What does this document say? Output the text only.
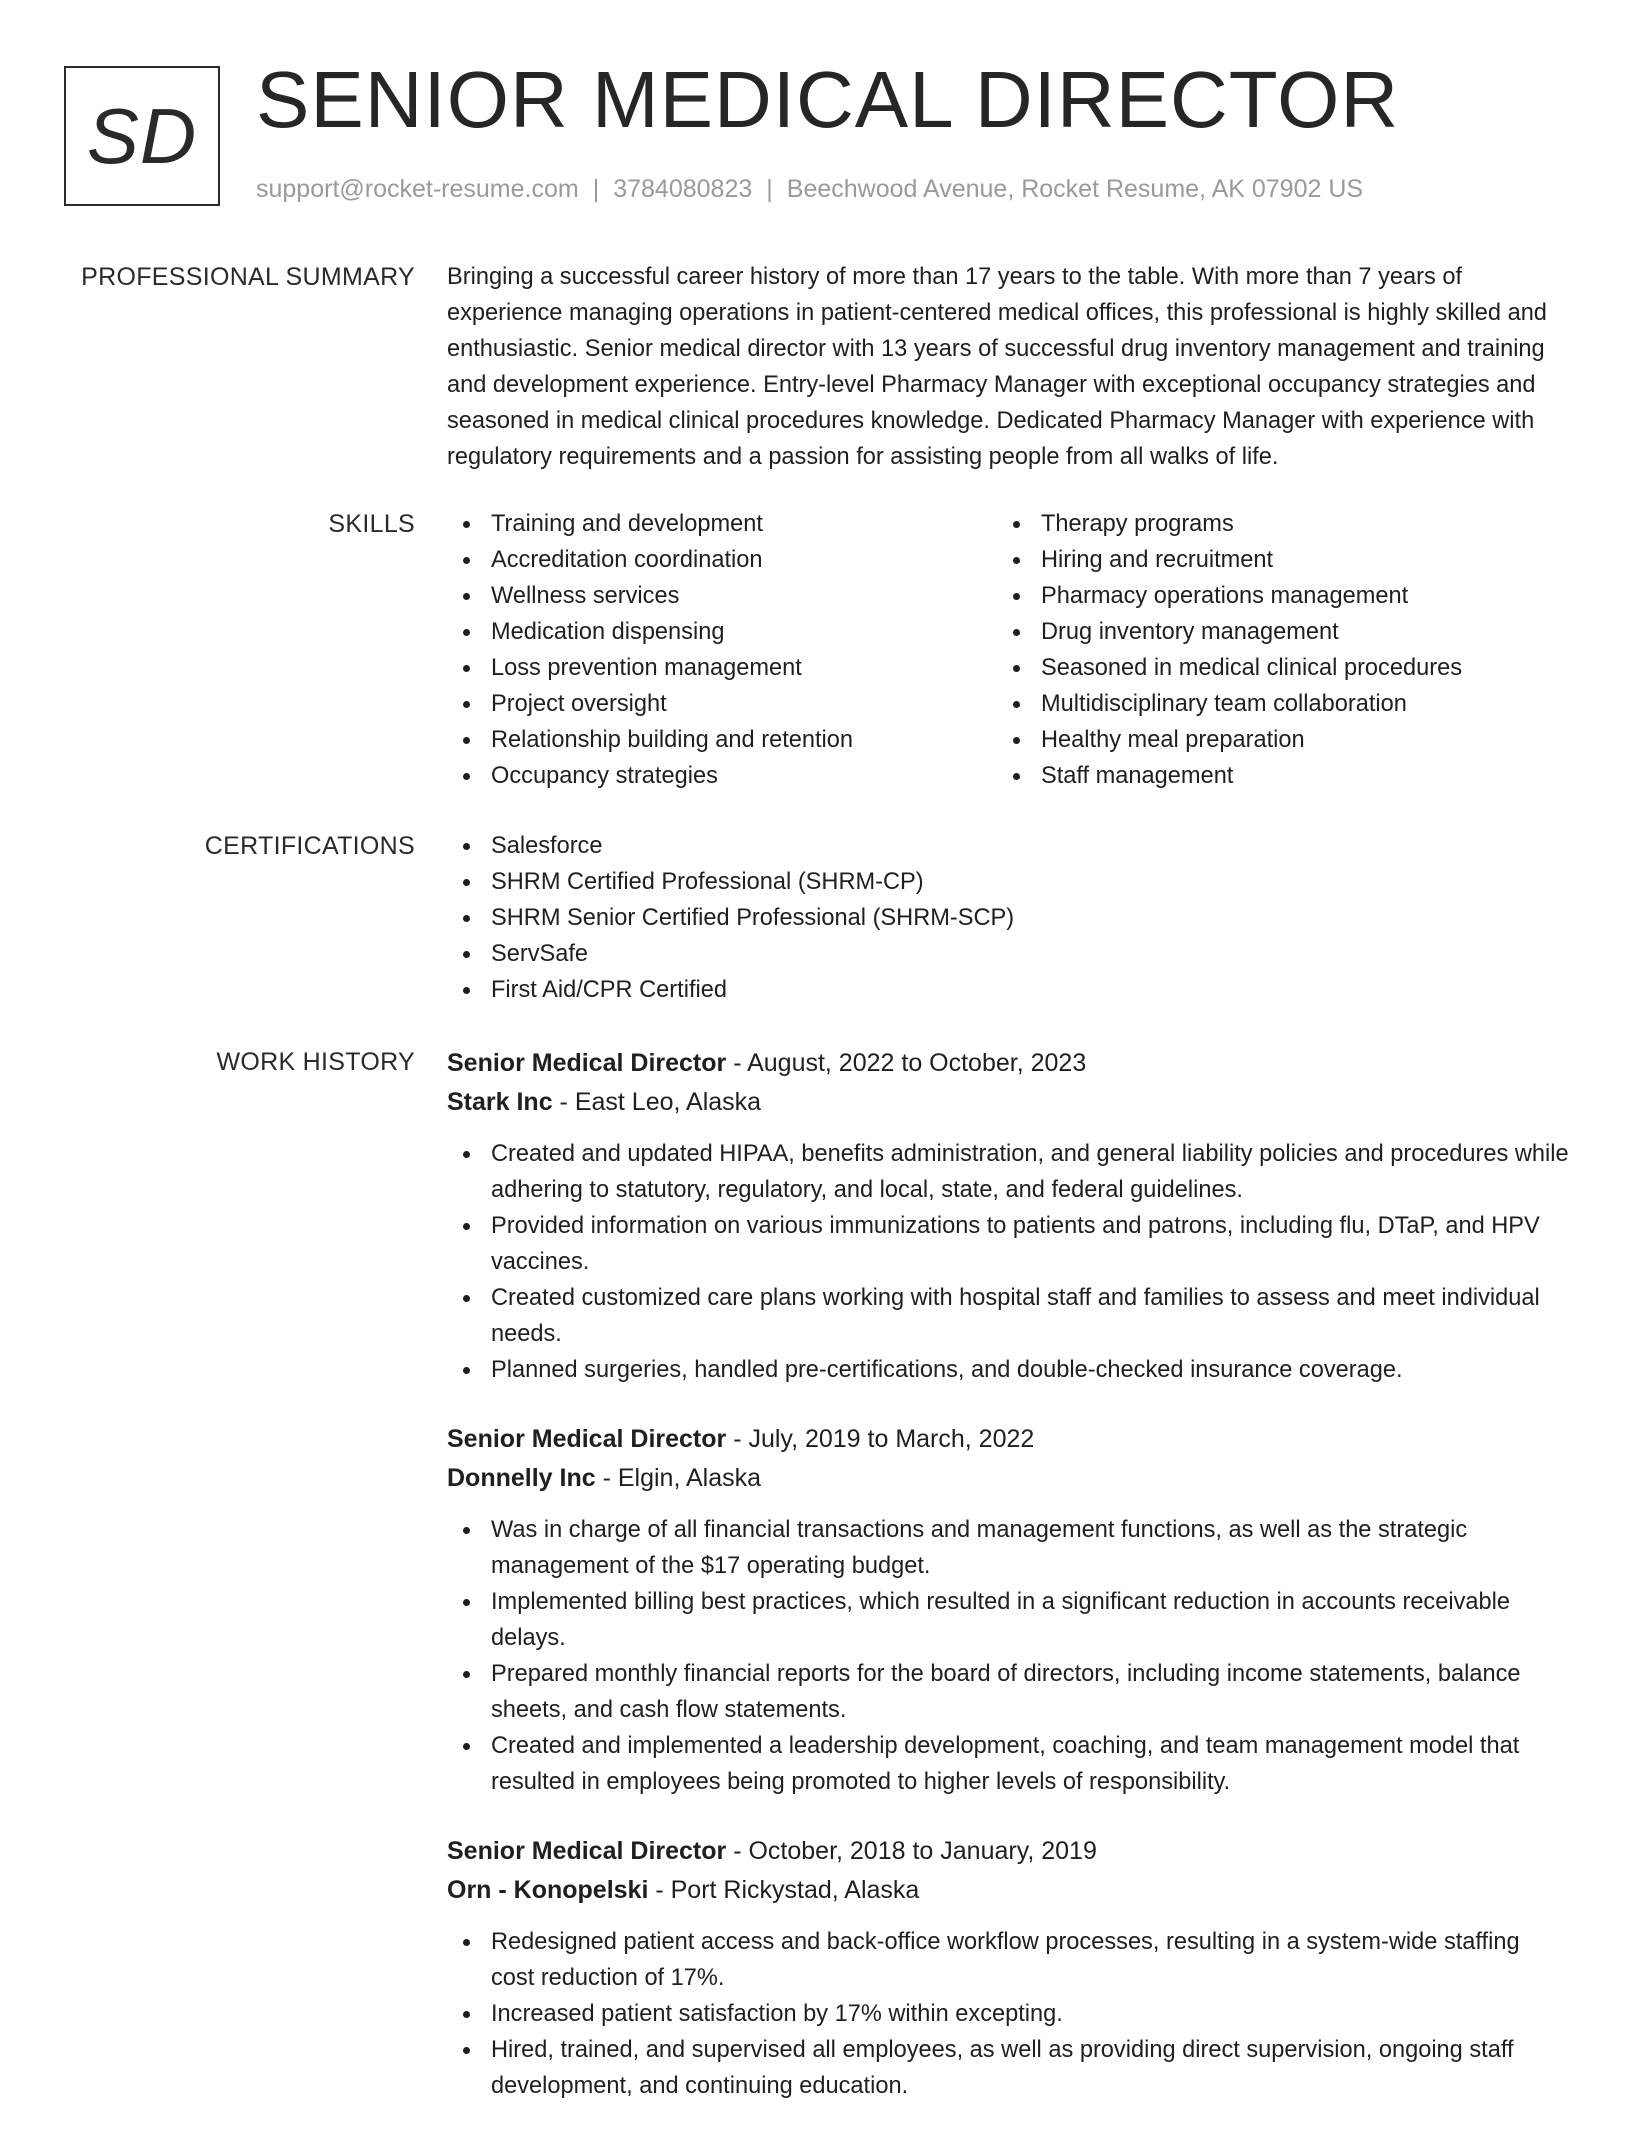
SD SENIOR MEDICAL DIRECTOR
support@rocket-resume.com | 3784080823 | Beechwood Avenue, Rocket Resume, AK 07902 US
PROFESSIONAL SUMMARY Bringing a successful career history of more than 17 years to the table. With more than 7 years of experience managing operations in patient-centered medical offices, this professional is highly skilled and enthusiastic. Senior medical director with 13 years of successful drug inventory management and training and development experience. Entry-level Pharmacy Manager with exceptional occupancy strategies and seasoned in medical clinical procedures knowledge. Dedicated Pharmacy Manager with experience with regulatory requirements and a passion for assisting people from all walks of life.

SKILLS	Training and development
Accreditation coordination
Wellness services
Medication dispensing
Loss prevention management
Project oversight
Relationship building and retention
Occupancy strategies
Therapy programs
Hiring and recruitment
Pharmacy operations management
Drug inventory management
Seasoned in medical clinical procedures
Multidisciplinary team collaboration
Healthy meal preparation
Staff management
CERTIFICATIONS	Salesforce
SHRM Certified Professional (SHRM-CP)
SHRM Senior Certified Professional (SHRM-SCP)
ServSafe
First Aid/CPR Certified
WORK HISTORY Senior Medical Director - August, 2022 to October, 2023
Stark Inc - East Leo, Alaska
Created and updated HIPAA, benefits administration, and general liability policies and procedures while adhering to statutory, regulatory, and local, state, and federal guidelines.
Provided information on various immunizations to patients and patrons, including flu, DTaP, and HPV vaccines.
Created customized care plans working with hospital staff and families to assess and meet individual needs.
Planned surgeries, handled pre-certifications, and double-checked insurance coverage.
Senior Medical Director - July, 2019 to March, 2022
Donnelly Inc - Elgin, Alaska
Was in charge of all financial transactions and management functions, as well as the strategic management of the $17 operating budget.
Implemented billing best practices, which resulted in a significant reduction in accounts receivable delays.
Prepared monthly financial reports for the board of directors, including income statements, balance sheets, and cash flow statements.
Created and implemented a leadership development, coaching, and team management model that resulted in employees being promoted to higher levels of responsibility.
Senior Medical Director - October, 2018 to January, 2019
Orn - Konopelski - Port Rickystad, Alaska
Redesigned patient access and back-office workflow processes, resulting in a system-wide staffing cost reduction of 17%.
Increased patient satisfaction by 17% within excepting.
Hired, trained, and supervised all employees, as well as providing direct supervision, ongoing staff development, and continuing education.
